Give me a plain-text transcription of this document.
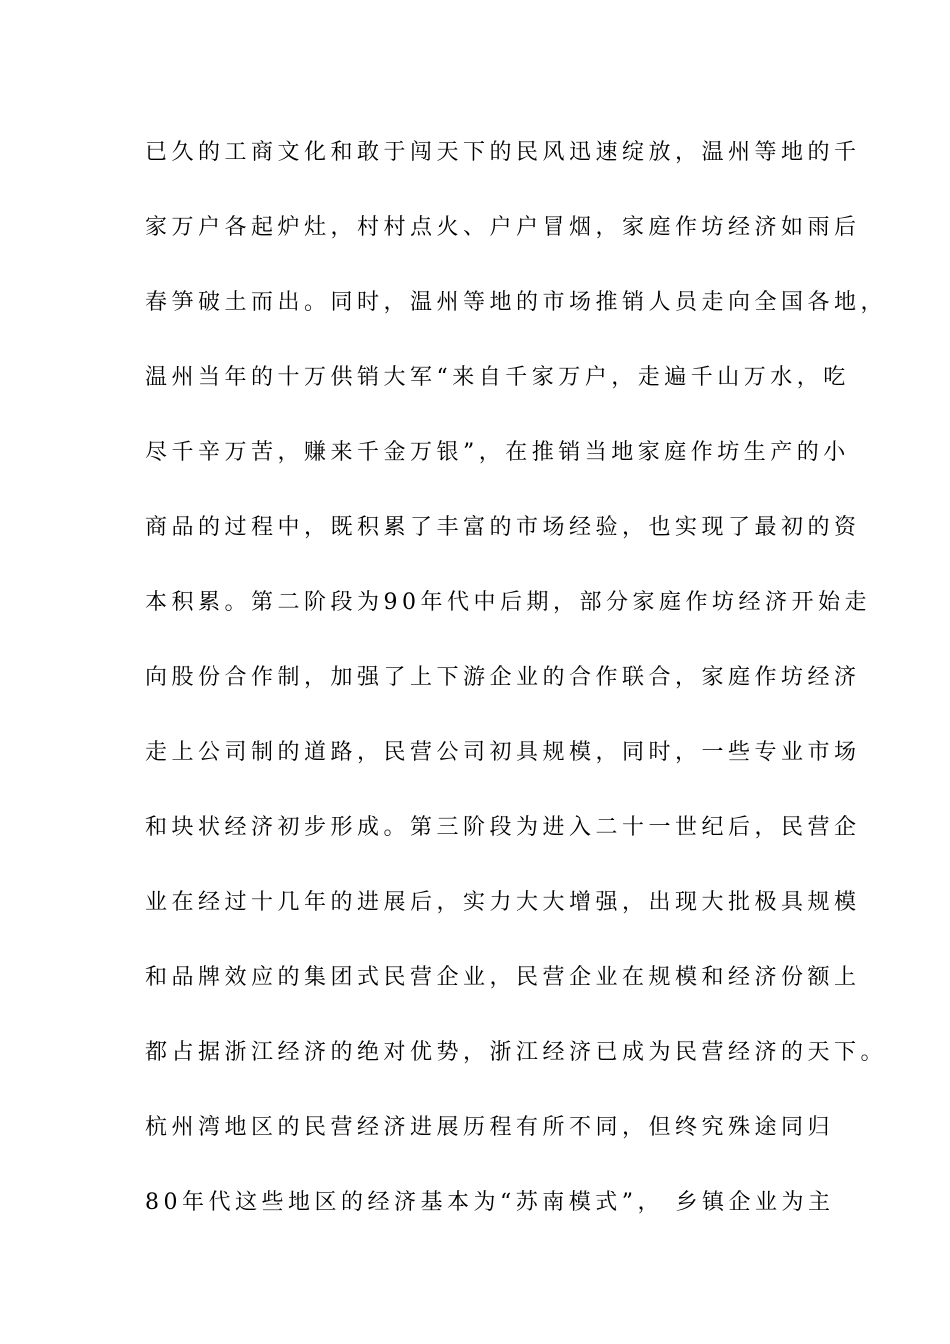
已久的工商文化和敢于闯天下的民风迅速绽放，温州等地的千
家万户各起炉灶，村村点火、户户冒烟，家庭作坊经济如雨后
春笋破土而出。同时，温州等地的市场推销人员走向全国各地，
温州当年的十万供销大军“来自千家万户，走遍千山万水，吃
尽千辛万苦，赚来千金万银”，在推销当地家庭作坊生产的小
商品的过程中，既积累了丰富的市场经验，也实现了最初的资
本积累。第二阶段为90年代中后期，部分家庭作坊经济开始走
向股份合作制，加强了上下游企业的合作联合，家庭作坊经济
走上公司制的道路，民营公司初具规模，同时，一些专业市场
和块状经济初步形成。第三阶段为进入二十一世纪后，民营企
业在经过十几年的进展后，实力大大增强，出现大批极具规模
和品牌效应的集团式民营企业，民营企业在规模和经济份额上
都占据浙江经济的绝对优势，浙江经济已成为民营经济的天下。
杭州湾地区的民营经济进展历程有所不同，但终究殊途同归
80年代这些地区的经济基本为“苏南模式”， 乡镇企业为主
